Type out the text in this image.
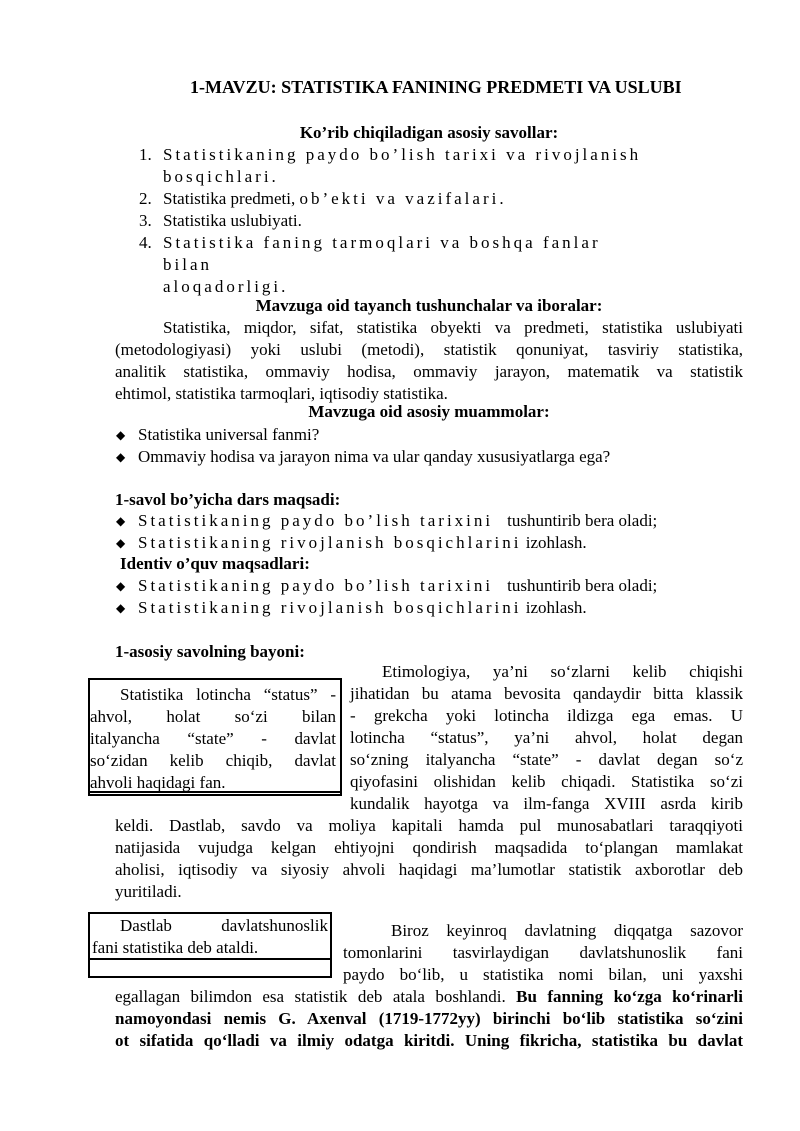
1-MAVZU: STATISTIKA FANINING PREDMETI VA USLUBI
Ko’rib chiqiladigan asosiy savollar:
1. Statistikaning paydo bo’lish tarixi va rivojlanish
bosqichlari.
2. Statistika predmeti, ob’ekti va vazifalari.
3. Statistika uslubiyati.
4. Statistika faning tarmoqlari va boshqa fanlar bilan
aloqadorligi.
Mavzuga oid tayanch tushunchalar va iboralar:
Statistika, miqdor, sifat, statistika obyekti va predmeti, statistika uslubiyati
(metodologiyasi) yoki uslubi (metodi), statistik qonuniyat, tasviriy statistika,
analitik statistika, ommaviy hodisa, ommaviy jarayon, matematik va statistik
ehtimol, statistika tarmoqlari, iqtisodiy statistika.
Mavzuga oid asosiy muammolar:
◆ Statistika universal fanmi?
◆ Ommaviy hodisa va jarayon nima va ular qanday xususiyatlarga ega?
1-savol bo’yicha dars maqsadi:
◆ Statistikaning paydo bo’lish tarixini tushuntirib bera oladi;
◆ Statistikaning rivojlanish bosqichlarini izohlash.
Identiv o’quv maqsadlari:
◆ Statistikaning paydo bo’lish tarixini tushuntirib bera oladi;
◆ Statistikaning rivojlanish bosqichlarini izohlash.
1-asosiy savolning bayoni:
Statistika lotincha “status” -
ahvol, holat so‘zi bilan
italyancha “state” - davlat
so‘zidan kelib chiqib, davlat
ahvoli haqidagi fan.
Etimologiya, ya’ni so‘zlarni kelib chiqishi
jihatidan bu atama bevosita qandaydir bitta klassik
- grekcha yoki lotincha ildizga ega emas. U
lotincha “status”, ya’ni ahvol, holat degan
so‘zning italyancha “state” - davlat degan so‘z
qiyofasini olishidan kelib chiqadi. Statistika so‘zi
kundalik hayotga va ilm-fanga XVIII asrda kirib
keldi. Dastlab, savdo va moliya kapitali hamda pul munosabatlari taraqqiyoti
natijasida vujudga kelgan ehtiyojni qondirish maqsadida to‘plangan mamlakat
aholisi, iqtisodiy va siyosiy ahvoli haqidagi ma’lumotlar statistik axborotlar deb
yuritiladi.
Dastlab davlatshunoslik
fani statistika deb ataldi.
Biroz keyinroq davlatning diqqatga sazovor
tomonlarini tasvirlaydigan davlatshunoslik fani
paydo bo‘lib, u statistika nomi bilan, uni yaxshi
egallagan bilimdon esa statistik deb atala boshlandi. Bu fanning ko‘zga ko‘rinarli
namoyondasi nemis G. Axenval (1719-1772yy) birinchi bo‘lib statistika so‘zini
ot sifatida qo‘lladi va ilmiy odatga kiritdi. Uning fikricha, statistika bu davlat
